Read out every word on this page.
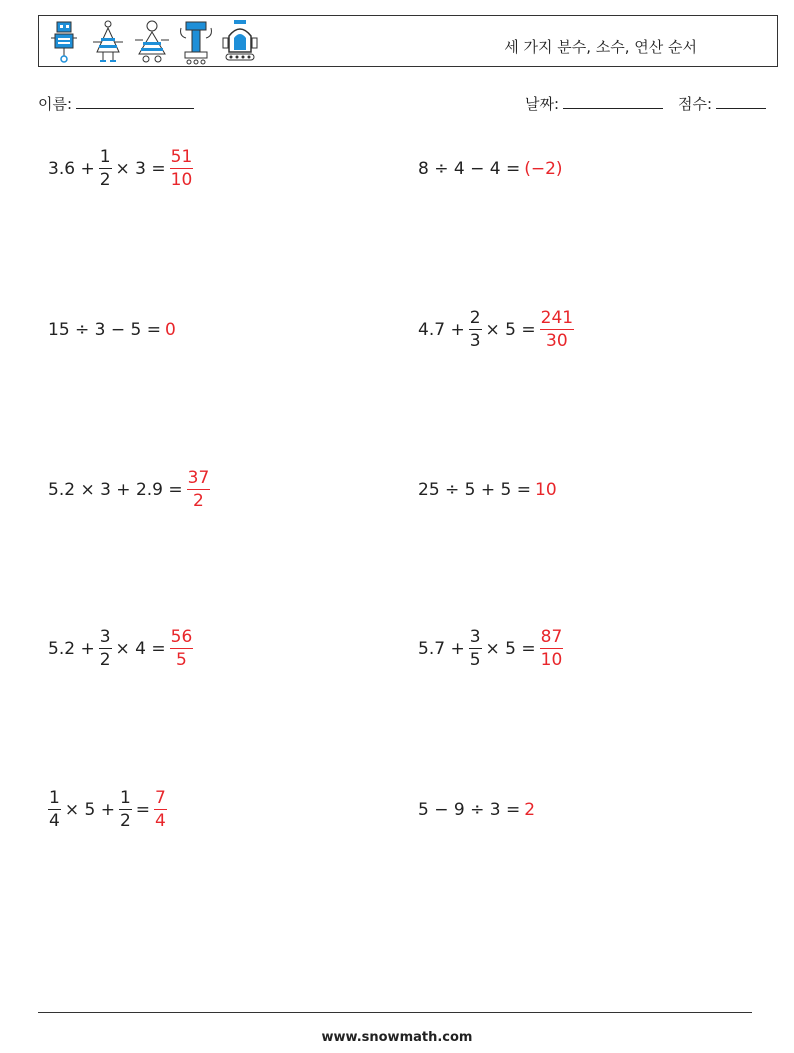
세 가지 분수, 소수, 연산 순서
이름:	날짜:	점수:
$3.6 + \frac{1}{2} \times 3 = \frac{51}{10}$	8 ÷ 4 − 4 = (−2)
15 ÷ 3 − 5 = 0	$4.7 + \frac{2}{3} \times 5 = \frac{241}{30}$
$5.2 \times 3 + 2.9 = \frac{37}{2}$	25 ÷ 5 + 5 = 10
$5.2 + \frac{3}{2} \times 4 = \frac{56}{5}$	$5.7 + \frac{3}{5} \times 5 = \frac{87}{10}$
$\frac{1}{4} \times 5 + \frac{1}{2} = \frac{7}{4}$	5 − 9 ÷ 3 = 2
www.snowmath.com
